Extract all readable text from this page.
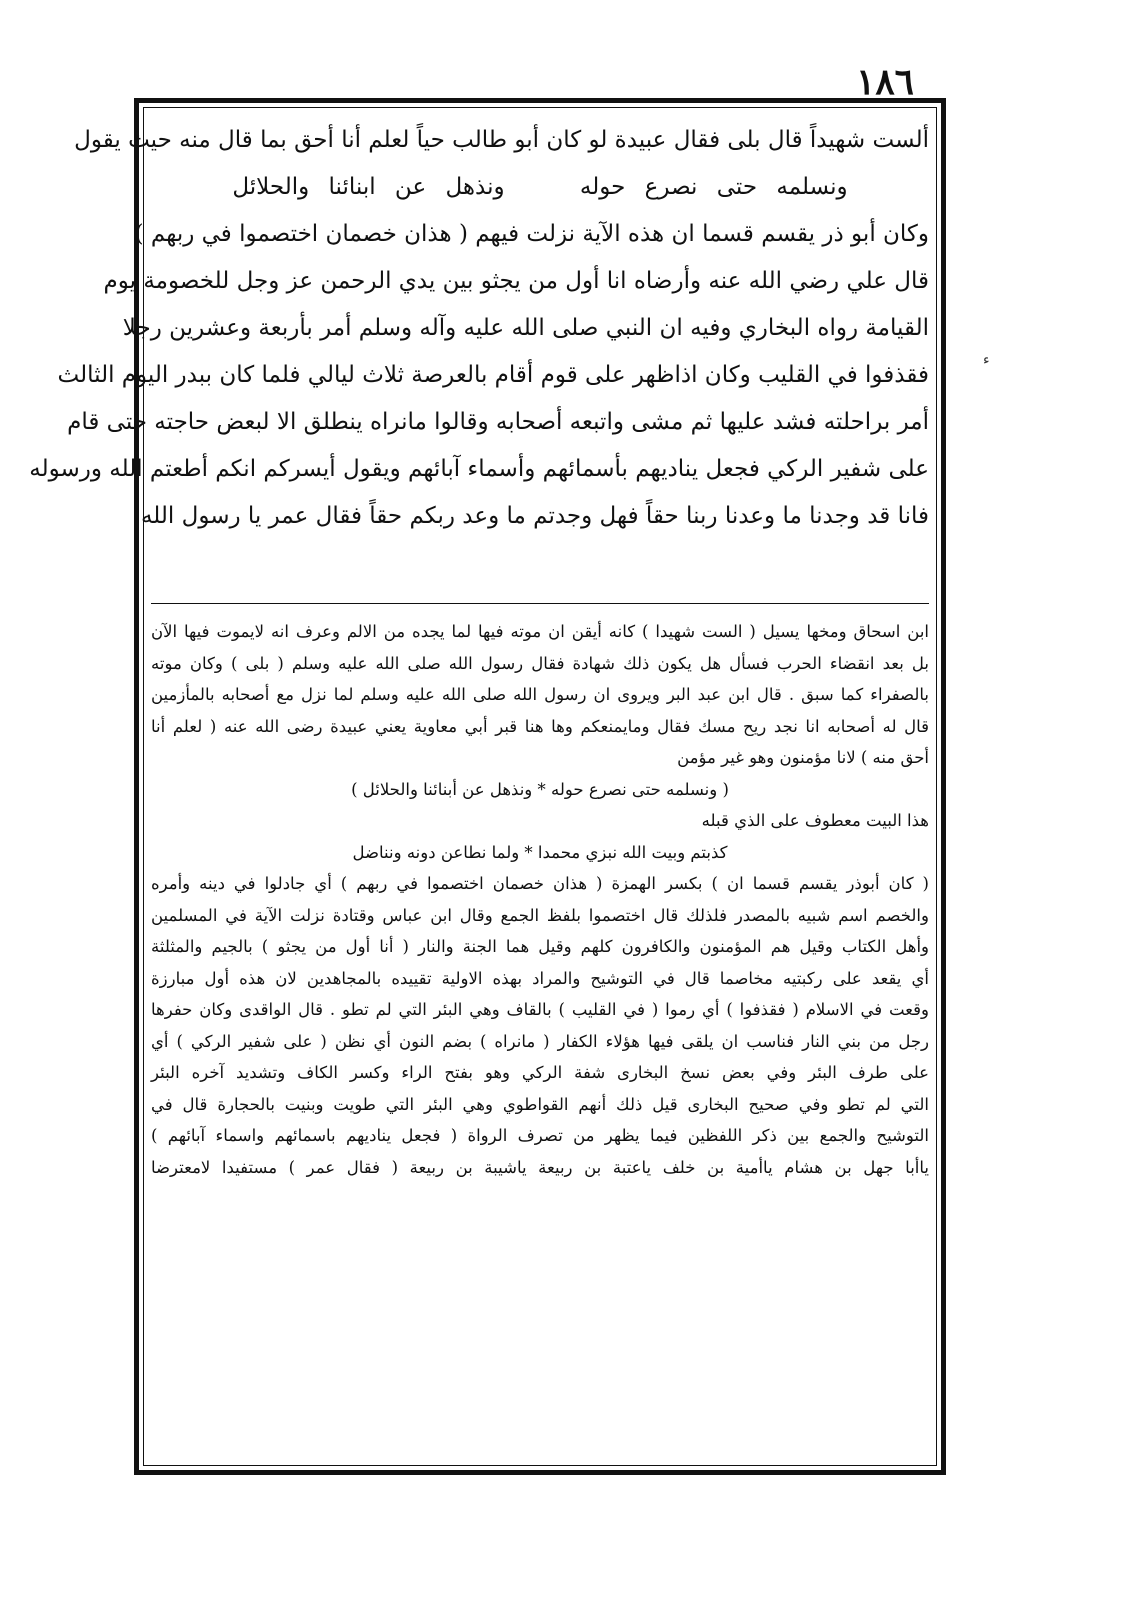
١٨٦
ء
ألست شهيداً قال بلى فقال عبيدة لو كان أبو طالب حياً لعلم أنا أحق بما قال منه حيث يقول
ونسلمه حتى نصرع حوله ونذهل عن ابنائنا والحلائل
وكان أبو ذر يقسم قسما ان هذه الآية نزلت فيهم ( هذان خصمان اختصموا في ربهم )
قال علي رضي الله عنه وأرضاه انا أول من يجثو بين يدي الرحمن عز وجل للخصومة يوم
القيامة رواه البخاري وفيه ان النبي صلى الله عليه وآله وسلم أمر بأربعة وعشرين رجلا
فقذفوا في القليب وكان اذاظهر على قوم أقام بالعرصة ثلاث ليالي فلما كان ببدر اليوم الثالث
أمر براحلته فشد عليها ثم مشى واتبعه أصحابه وقالوا مانراه ينطلق الا لبعض حاجته حتى قام
على شفير الركي فجعل يناديهم بأسمائهم وأسماء آبائهم ويقول أيسركم انكم أطعتم الله ورسوله
فانا قد وجدنا ما وعدنا ربنا حقاً فهل وجدتم ما وعد ربكم حقاً فقال عمر يا رسول الله
ابن اسحاق ومخها يسيل ( الست شهيدا ) كانه أيقن ان موته فيها لما يجده من الالم وعرف انه لايموت فيها الآن
بل بعد انقضاء الحرب فسأل هل يكون ذلك شهادة فقال رسول الله صلى الله عليه وسلم ( بلى ) وكان موته
بالصفراء كما سبق . قال ابن عبد البر ويروى ان رسول الله صلى الله عليه وسلم لما نزل مع أصحابه بالمأزمين
قال له أصحابه انا نجد ريح مسك فقال ومايمنعكم وها هنا قبر أبي معاوية يعني عبيدة رضى الله عنه ( لعلم أنا
أحق منه ) لانا مؤمنون وهو غير مؤمن
( ونسلمه حتى نصرع حوله * ونذهل عن أبنائنا والحلائل )
هذا البيت معطوف على الذي قبله
كذبتم وبيت الله نبزي محمدا * ولما نطاعن دونه ونناضل
( كان أبوذر يقسم قسما ان ) بكسر الهمزة ( هذان خصمان اختصموا في ربهم ) أي جادلوا في دينه وأمره
والخصم اسم شبيه بالمصدر فلذلك قال اختصموا بلفظ الجمع وقال ابن عباس وقتادة نزلت الآية في المسلمين
وأهل الكتاب وقيل هم المؤمنون والكافرون كلهم وقيل هما الجنة والنار ( أنا أول من يجثو ) بالجيم والمثلثة
أي يقعد على ركبتيه مخاصما قال في التوشيح والمراد بهذه الاولية تقييده بالمجاهدين لان هذه أول مبارزة
وقعت في الاسلام ( فقذفوا ) أي رموا ( في القليب ) بالقاف وهي البئر التي لم تطو . قال الواقدى وكان حفرها
رجل من بني النار فناسب ان يلقى فيها هؤلاء الكفار ( مانراه ) بضم النون أي نظن ( على شفير الركي ) أي
على طرف البئر وفي بعض نسخ البخارى شفة الركي وهو بفتح الراء وكسر الكاف وتشديد آخره البئر
التي لم تطو وفي صحيح البخارى قيل ذلك أنهم القواطوي وهي البئر التي طويت وبنيت بالحجارة قال في
التوشيح والجمع بين ذكر اللفظين فيما يظهر من تصرف الرواة ( فجعل يناديهم باسمائهم واسماء آبائهم )
ياأبا جهل بن هشام ياأمية بن خلف ياعتبة بن ربيعة ياشيبة بن ربيعة ( فقال عمر ) مستفيدا لامعترضا
